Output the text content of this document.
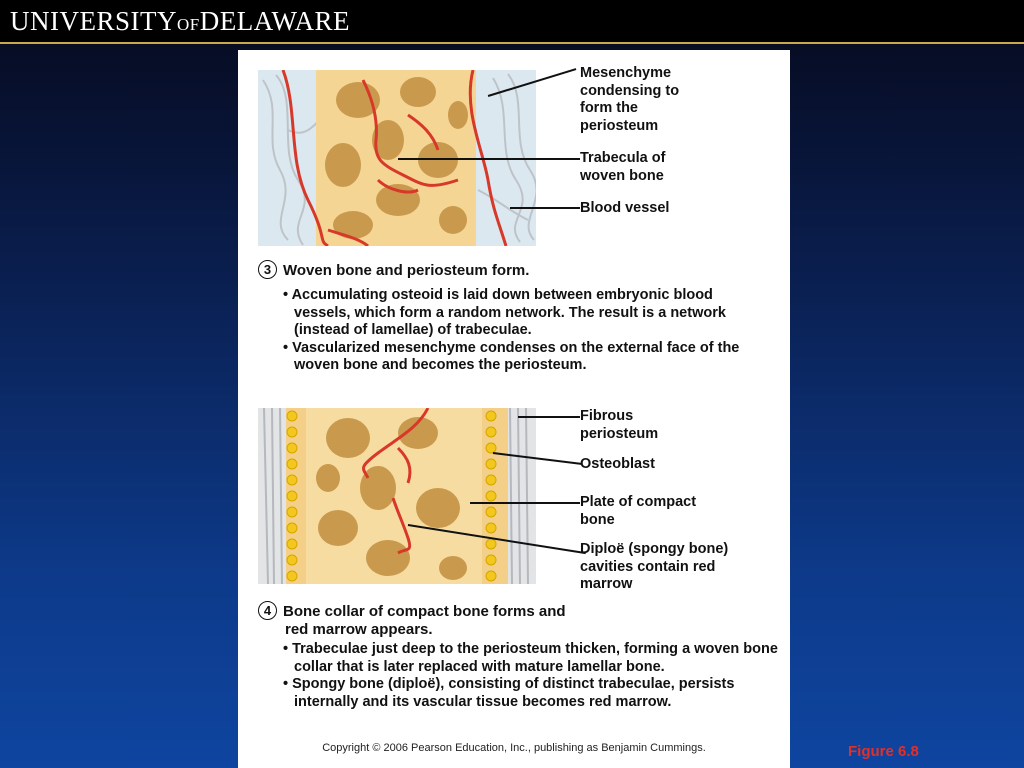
UNIVERSITYOFDELAWARE
Mesenchyme condensing to form the periosteum
Trabecula of woven bone
Blood vessel
3 Woven bone and periosteum form.

• Accumulating osteoid is laid down between embryonic blood vessels, which form a random network. The result is a network (instead of lamellae) of trabeculae.

• Vascularized mesenchyme condenses on the external face of the woven bone and becomes the periosteum.

Fibrous periosteum
Osteoblast
Plate of compact bone
Diploë (spongy bone) cavities contain red marrow
4 Bone collar of compact bone forms and
red marrow appears.

• Trabeculae just deep to the periosteum thicken, forming a woven bone collar that is later replaced with mature lamellar bone.

• Spongy bone (diploë), consisting of distinct trabeculae, persists internally and its vascular tissue becomes red marrow.

Copyright © 2006 Pearson Education, Inc., publishing as Benjamin Cummings.	Figure 6.8
